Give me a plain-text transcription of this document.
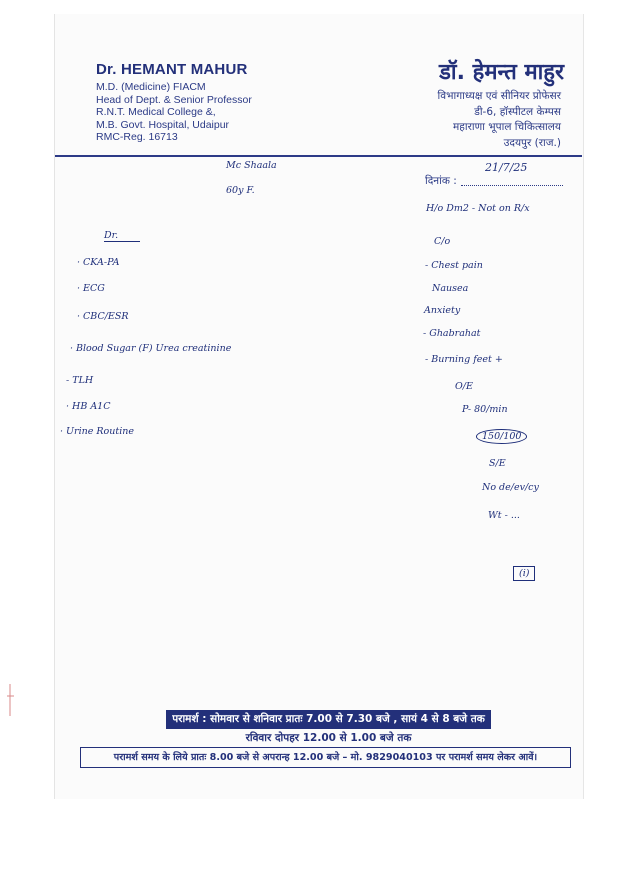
Dr. HEMANT MAHUR
M.D. (Medicine) FIACM
Head of Dept. & Senior Professor
R.N.T. Medical College &,
M.B. Govt. Hospital, Udaipur
RMC-Reg. 16713
डॉ. हेमन्त माहुर
विभागाध्यक्ष एवं सीनियर प्रोफेसर
डी-6, हॉस्पीटल केम्पस
महाराणा भूपाल चिकित्सालय
उदयपुर (राज.)
दिनांक :
Mc Shaala
60y F.
21/7/25
H/o Dm2 - Not on R/x
C/o
- Chest pain
Nausea
Anxiety
- Ghabrahat
- Burning feet +
O/E
P- 80/min
150/100
S/E
No de/ev/cy
Wt - ...
(i)
Dr.
· CKA-PA
· ECG
· CBC/ESR
· Blood Sugar (F) Urea creatinine
- TLH
· HB A1C
· Urine Routine
परामर्श : सोमवार से शनिवार प्रातः 7.00 से 7.30 बजे , सायं 4 से 8 बजे तक
रविवार दोपहर 12.00 से 1.00 बजे तक
परामर्श समय के लिये प्रातः 8.00 बजे से अपरान्ह 12.00 बजे – मो. 9829040103 पर परामर्श समय लेकर आवें।
